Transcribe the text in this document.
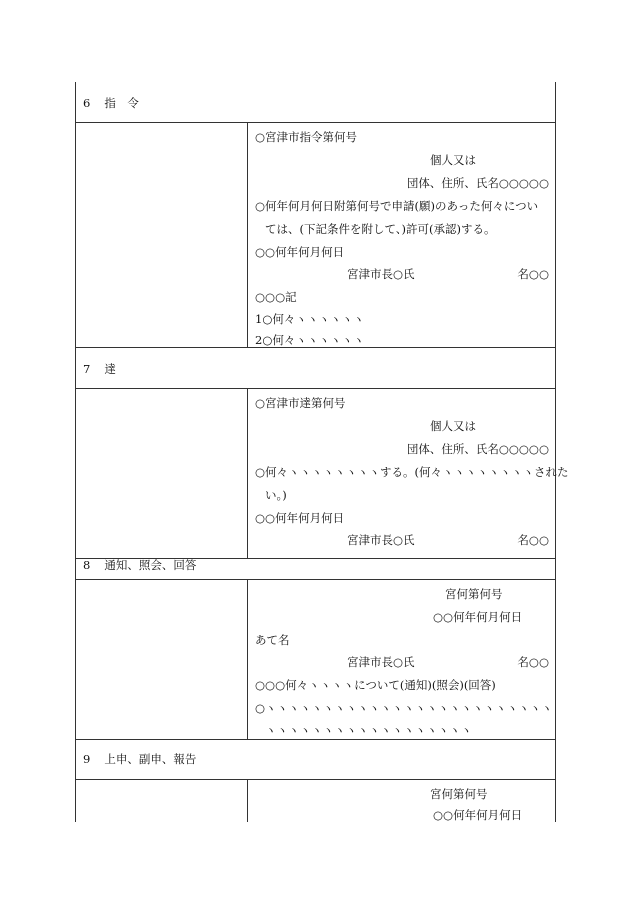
6 指　令
○宮津市指令第何号
個人又は
団体、住所、氏名○○○○○
○何年何月何日附第何号で申請(願)のあった何々につい
ては、(下記条件を附して、)許可(承認)する。
○○何年何月何日
宮津市長○氏	名○○
○○○記
1○何々ヽヽヽヽヽヽ
2○何々ヽヽヽヽヽヽ
7 達
○宮津市達第何号
個人又は
団体、住所、氏名○○○○○
○何々ヽヽヽヽヽヽヽヽする。(何々ヽヽヽヽヽヽヽヽされた
い。)
○○何年何月何日
宮津市長○氏	名○○
8 通知、照会、回答
宮何第何号
○○何年何月何日
あて名
宮津市長○氏	名○○
○○○何々ヽヽヽヽについて(通知)(照会)(回答)
○ヽヽヽヽヽヽヽヽヽヽヽヽヽヽヽヽヽヽヽヽヽヽヽヽヽ
ヽヽヽヽヽヽヽヽヽヽヽヽヽヽヽヽヽヽ
9 上申、副申、報告
宮何第何号
○○何年何月何日
